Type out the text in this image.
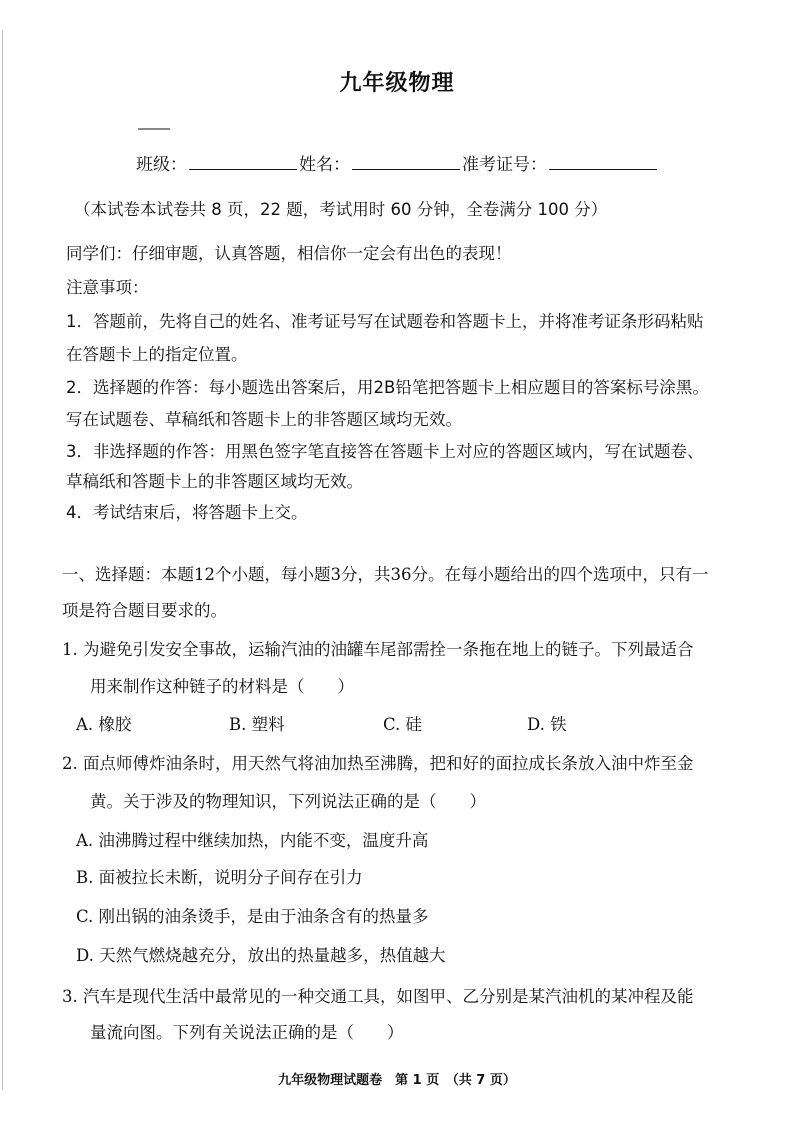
九年级物理
班级：	姓名：	准考证号：
（本试卷本试卷共 8 页，22 题，考试用时 60 分钟，全卷满分 100 分）
同学们：仔细审题，认真答题，相信你一定会有出色的表现！
注意事项：
1．答题前，先将自己的姓名、准考证号写在试题卷和答题卡上，并将准考证条形码粘贴
在答题卡上的指定位置。
2．选择题的作答：每小题选出答案后，用2B铅笔把答题卡上相应题目的答案标号涂黑。
写在试题卷、草稿纸和答题卡上的非答题区域均无效。
3．非选择题的作答：用黑色签字笔直接答在答题卡上对应的答题区域内，写在试题卷、
草稿纸和答题卡上的非答题区域均无效。
4．考试结束后，将答题卡上交。
一、选择题：本题12个小题，每小题3分，共36分。在每小题给出的四个选项中，只有一
项是符合题目要求的。
1. 为避免引发安全事故，运输汽油的油罐车尾部需拴一条拖在地上的链子。下列最适合
用来制作这种链子的材料是（　　）
A. 橡胶	B. 塑料	C. 硅	D. 铁
2. 面点师傅炸油条时，用天然气将油加热至沸腾，把和好的面拉成长条放入油中炸至金
黄。关于涉及的物理知识，下列说法正确的是（　　）
A. 油沸腾过程中继续加热，内能不变，温度升高
B. 面被拉长未断，说明分子间存在引力
C. 刚出锅的油条烫手，是由于油条含有的热量多
D. 天然气燃烧越充分，放出的热量越多，热值越大
3. 汽车是现代生活中最常见的一种交通工具，如图甲、乙分别是某汽油机的某冲程及能
量流向图。下列有关说法正确的是（　　）
九年级物理试题卷　第 1 页　（共 7 页）
